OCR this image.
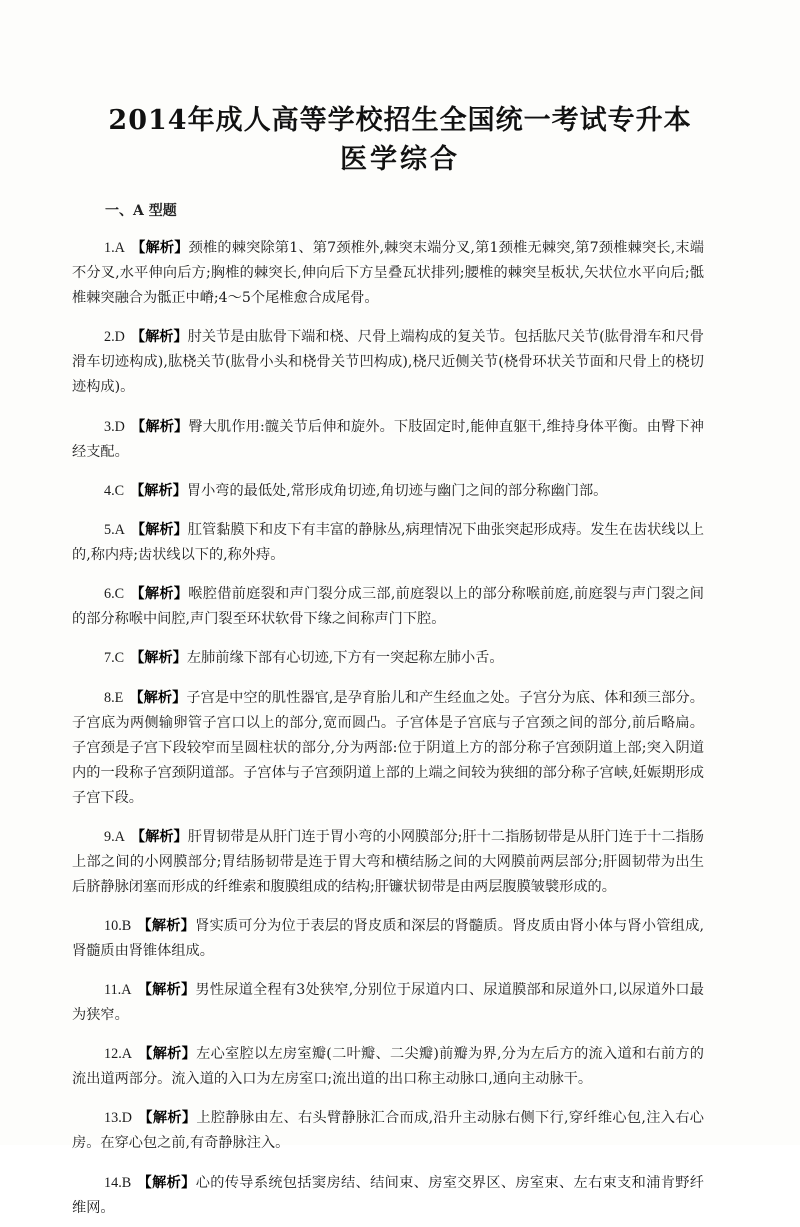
2014年成人高等学校招生全国统一考试专升本
医学综合
一、A 型题

1.A 【解析】颈椎的棘突除第1、第7颈椎外,棘突末端分叉,第1颈椎无棘突,第7颈椎棘突长,末端不分叉,水平伸向后方;胸椎的棘突长,伸向后下方呈叠瓦状排列;腰椎的棘突呈板状,矢状位水平向后;骶椎棘突融合为骶正中嵴;4～5个尾椎愈合成尾骨。

2.D 【解析】肘关节是由肱骨下端和桡、尺骨上端构成的复关节。包括肱尺关节(肱骨滑车和尺骨滑车切迹构成),肱桡关节(肱骨小头和桡骨关节凹构成),桡尺近侧关节(桡骨环状关节面和尺骨上的桡切迹构成)。

3.D 【解析】臀大肌作用:髋关节后伸和旋外。下肢固定时,能伸直躯干,维持身体平衡。由臀下神经支配。

4.C 【解析】胃小弯的最低处,常形成角切迹,角切迹与幽门之间的部分称幽门部。

5.A 【解析】肛管黏膜下和皮下有丰富的静脉丛,病理情况下曲张突起形成痔。发生在齿状线以上的,称内痔;齿状线以下的,称外痔。

6.C 【解析】喉腔借前庭裂和声门裂分成三部,前庭裂以上的部分称喉前庭,前庭裂与声门裂之间的部分称喉中间腔,声门裂至环状软骨下缘之间称声门下腔。

7.C 【解析】左肺前缘下部有心切迹,下方有一突起称左肺小舌。

8.E 【解析】子宫是中空的肌性器官,是孕育胎儿和产生经血之处。子宫分为底、体和颈三部分。子宫底为两侧输卵管子宫口以上的部分,宽而圆凸。子宫体是子宫底与子宫颈之间的部分,前后略扁。子宫颈是子宫下段较窄而呈圆柱状的部分,分为两部:位于阴道上方的部分称子宫颈阴道上部;突入阴道内的一段称子宫颈阴道部。子宫体与子宫颈阴道上部的上端之间较为狭细的部分称子宫峡,妊娠期形成子宫下段。

9.A 【解析】肝胃韧带是从肝门连于胃小弯的小网膜部分;肝十二指肠韧带是从肝门连于十二指肠上部之间的小网膜部分;胃结肠韧带是连于胃大弯和横结肠之间的大网膜前两层部分;肝圆韧带为出生后脐静脉闭塞而形成的纤维索和腹膜组成的结构;肝镰状韧带是由两层腹膜皱襞形成的。

10.B 【解析】肾实质可分为位于表层的肾皮质和深层的肾髓质。肾皮质由肾小体与肾小管组成,肾髓质由肾锥体组成。

11.A 【解析】男性尿道全程有3处狭窄,分别位于尿道内口、尿道膜部和尿道外口,以尿道外口最为狭窄。

12.A 【解析】左心室腔以左房室瓣(二叶瓣、二尖瓣)前瓣为界,分为左后方的流入道和右前方的流出道两部分。流入道的入口为左房室口;流出道的出口称主动脉口,通向主动脉干。

13.D 【解析】上腔静脉由左、右头臂静脉汇合而成,沿升主动脉右侧下行,穿纤维心包,注入右心房。在穿心包之前,有奇静脉注入。

14.B 【解析】心的传导系统包括窦房结、结间束、房室交界区、房室束、左右束支和浦肯野纤维网。
